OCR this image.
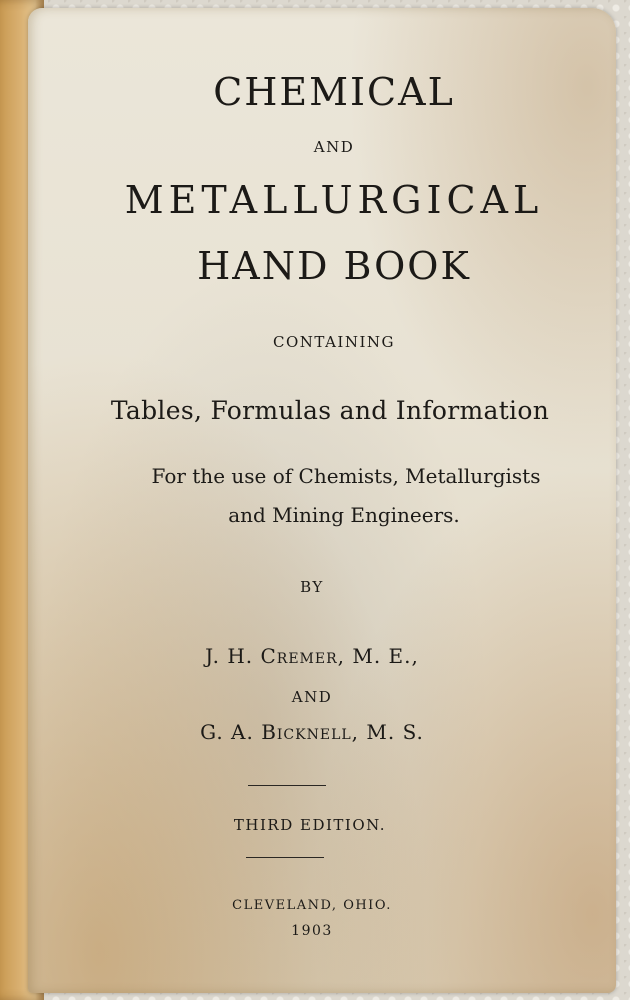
CHEMICAL
AND
METALLURGICAL
HAND BOOK
CONTAINING
Tables, Formulas and Information
For the use of Chemists, Metallurgists
and Mining Engineers.
BY
J. H. Cremer, M. E.,
AND
G. A. Bicknell, M. S.
THIRD EDITION.
CLEVELAND, OHIO.
1903
